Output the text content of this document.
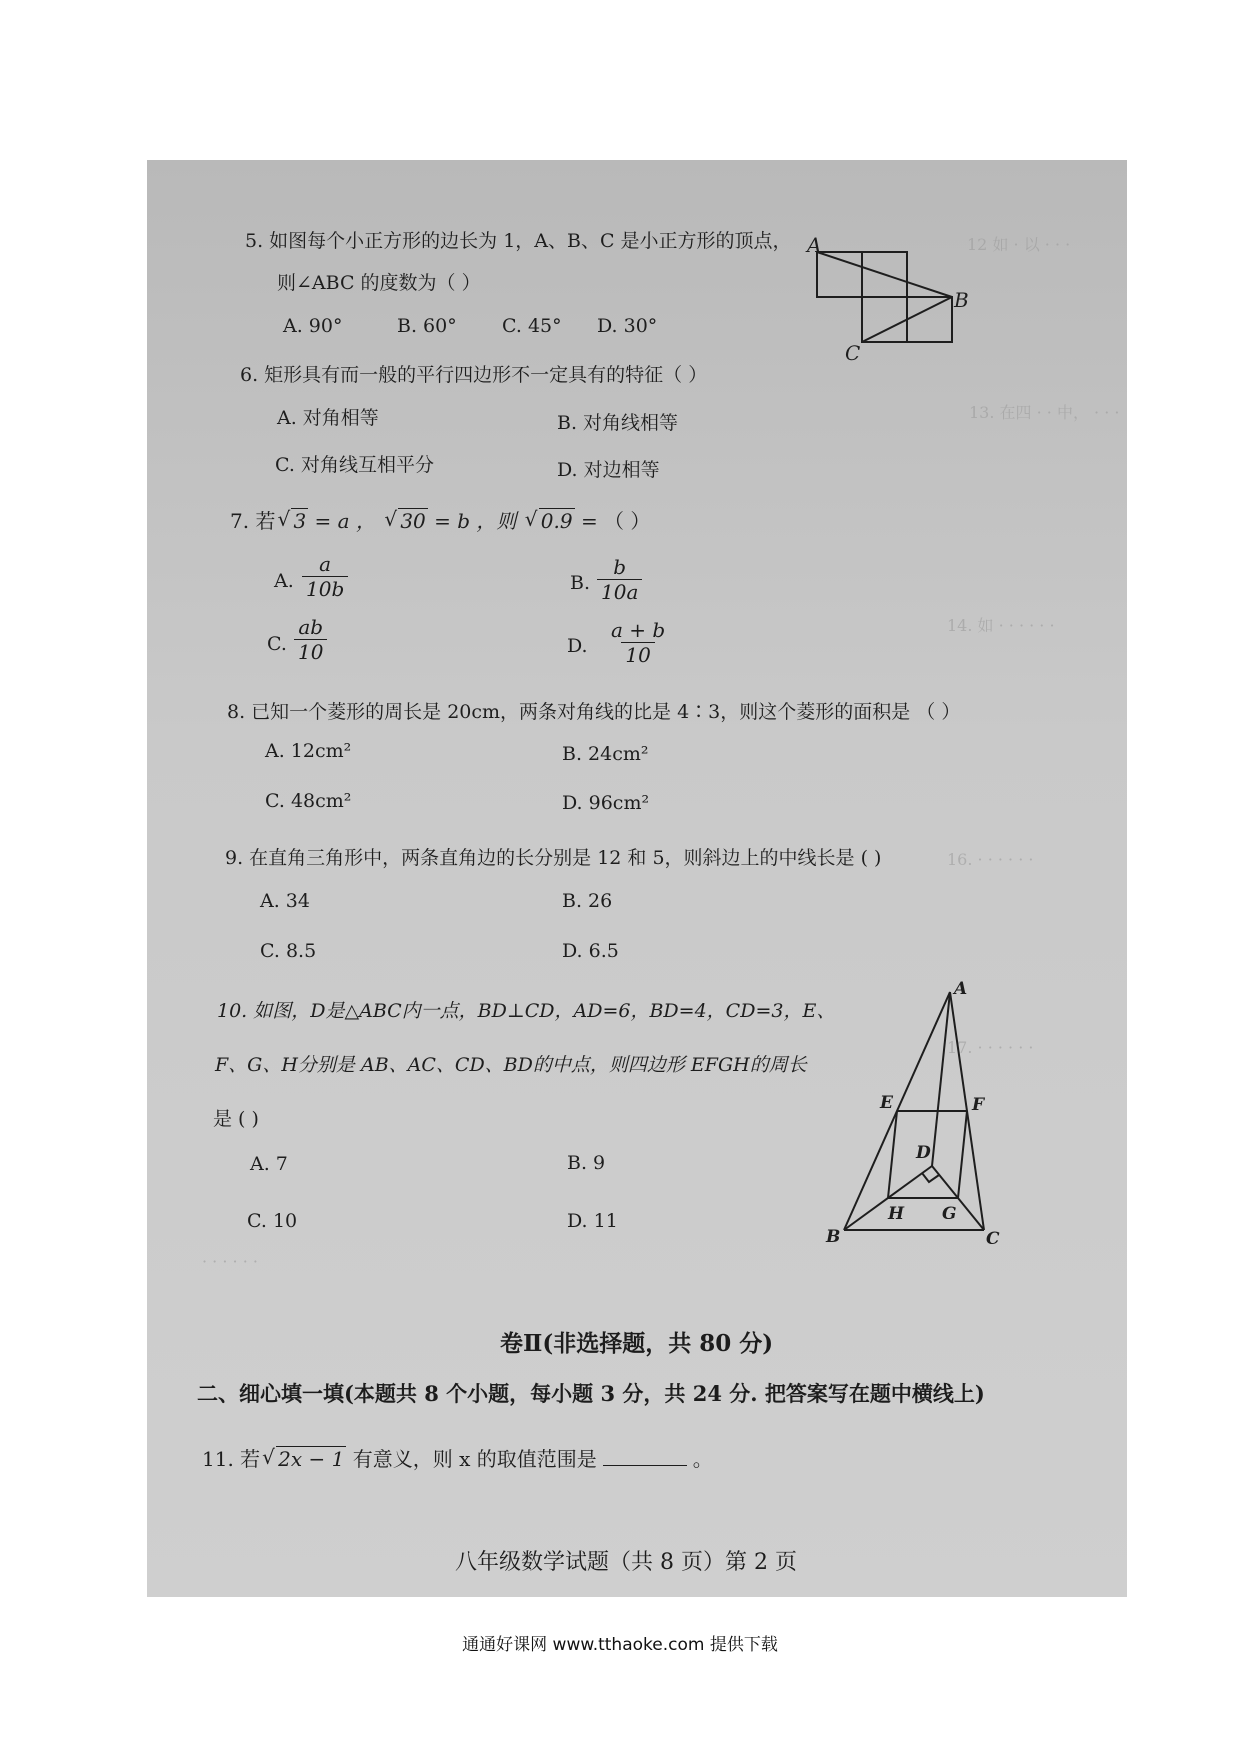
12 如 · 以 · · ·
13. 在四 · · 中， · · ·
14. 如 · · · · · ·
16. · · · · · ·
17. · · · · · ·
· · · · · ·
5. 如图每个小正方形的边长为 1，A、B、C 是小正方形的顶点，
则∠ABC 的度数为（ ）
A. 90°	B. 60° C. 45° D. 30°
A
B
C
6. 矩形具有而一般的平行四边形不一定具有的特征（ ）
A. 对角相等	B. 对角线相等
C. 对角线互相平分	D. 对边相等
7. 若 √ 3 = a ， √ 30 = b ，则 √ 0.9 = （ ）
A. $\frac{a}{10b}$	B. $\frac{b}{10a}$
C. $\frac{ab}{10}$	D. $\frac{a + b}{10}$
8. 已知一个菱形的周长是 20cm，两条对角线的比是 4∶3，则这个菱形的面积是 （ ）
A. 12cm²	B. 24cm²
C. 48cm²	D. 96cm²
9. 在直角三角形中，两条直角边的长分别是 12 和 5，则斜边上的中线长是 ( )
A. 34	B. 26
C. 8.5	D. 6.5
10. 如图，D是△ABC内一点，BD⊥CD，AD=6，BD=4，CD=3，E、
F、G、H分别是 AB、AC、CD、BD的中点，则四边形 EFGH的周长
是 ( )
A. 7	B. 9
C. 10	D. 11
A
E	F
D
H G
B	C
卷Ⅱ(非选择题，共 80 分)
二、细心填一填(本题共 8 个小题，每小题 3 分，共 24 分. 把答案写在题中横线上)
11. 若 √ 2x − 1 有意义，则 x 的取值范围是	。
八年级数学试题（共 8 页）第 2 页
通通好课网 www.tthaoke.com 提供下载
